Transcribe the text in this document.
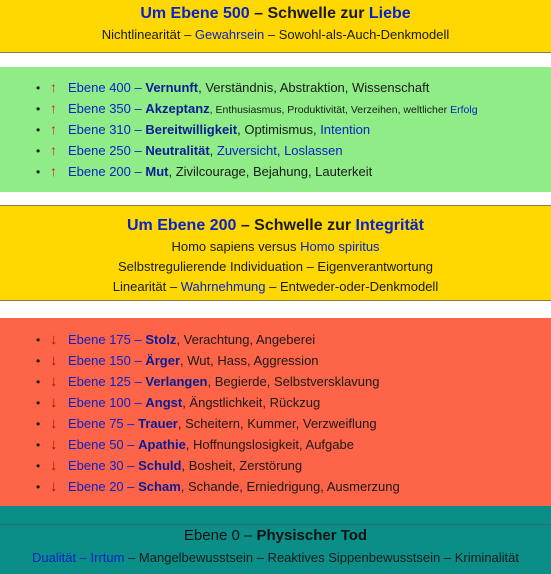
Um Ebene 500 – Schwelle zur Liebe
Nichtlinearität – Gewahrsein – Sowohl-als-Auch-Denkmodell
• ↑ Ebene 400 – Vernunft, Verständnis, Abstraktion, Wissenschaft
• ↑ Ebene 350 – Akzeptanz, Enthusiasmus, Produktivität, Verzeihen, weltlicher Erfolg
• ↑ Ebene 310 – Bereitwilligkeit, Optimismus, Intention
• ↑ Ebene 250 – Neutralität, Zuversicht, Loslassen
• ↑ Ebene 200 – Mut, Zivilcourage, Bejahung, Lauterkeit
Um Ebene 200 – Schwelle zur Integrität
Homo sapiens versus Homo spiritus
Selbstregulierende Individuation – Eigenverantwortung
Linearität – Wahrnehmung – Entweder-oder-Denkmodell
• ↓ Ebene 175 – Stolz, Verachtung, Angeberei
• ↓ Ebene 150 – Ärger, Wut, Hass, Aggression
• ↓ Ebene 125 – Verlangen, Begierde, Selbstversklavung
• ↓ Ebene 100 – Angst, Ängstlichkeit, Rückzug
• ↓ Ebene 75 – Trauer, Scheitern, Kummer, Verzweiflung
• ↓ Ebene 50 – Apathie, Hoffnungslosigkeit, Aufgabe
• ↓ Ebene 30 – Schuld, Bosheit, Zerstörung
• ↓ Ebene 20 – Scham, Schande, Erniedrigung, Ausmerzung
Ebene 0 – Physischer Tod
Dualität – Irrtum – Mangelbewusstsein – Reaktives Sippenbewusstsein – Kriminalität
